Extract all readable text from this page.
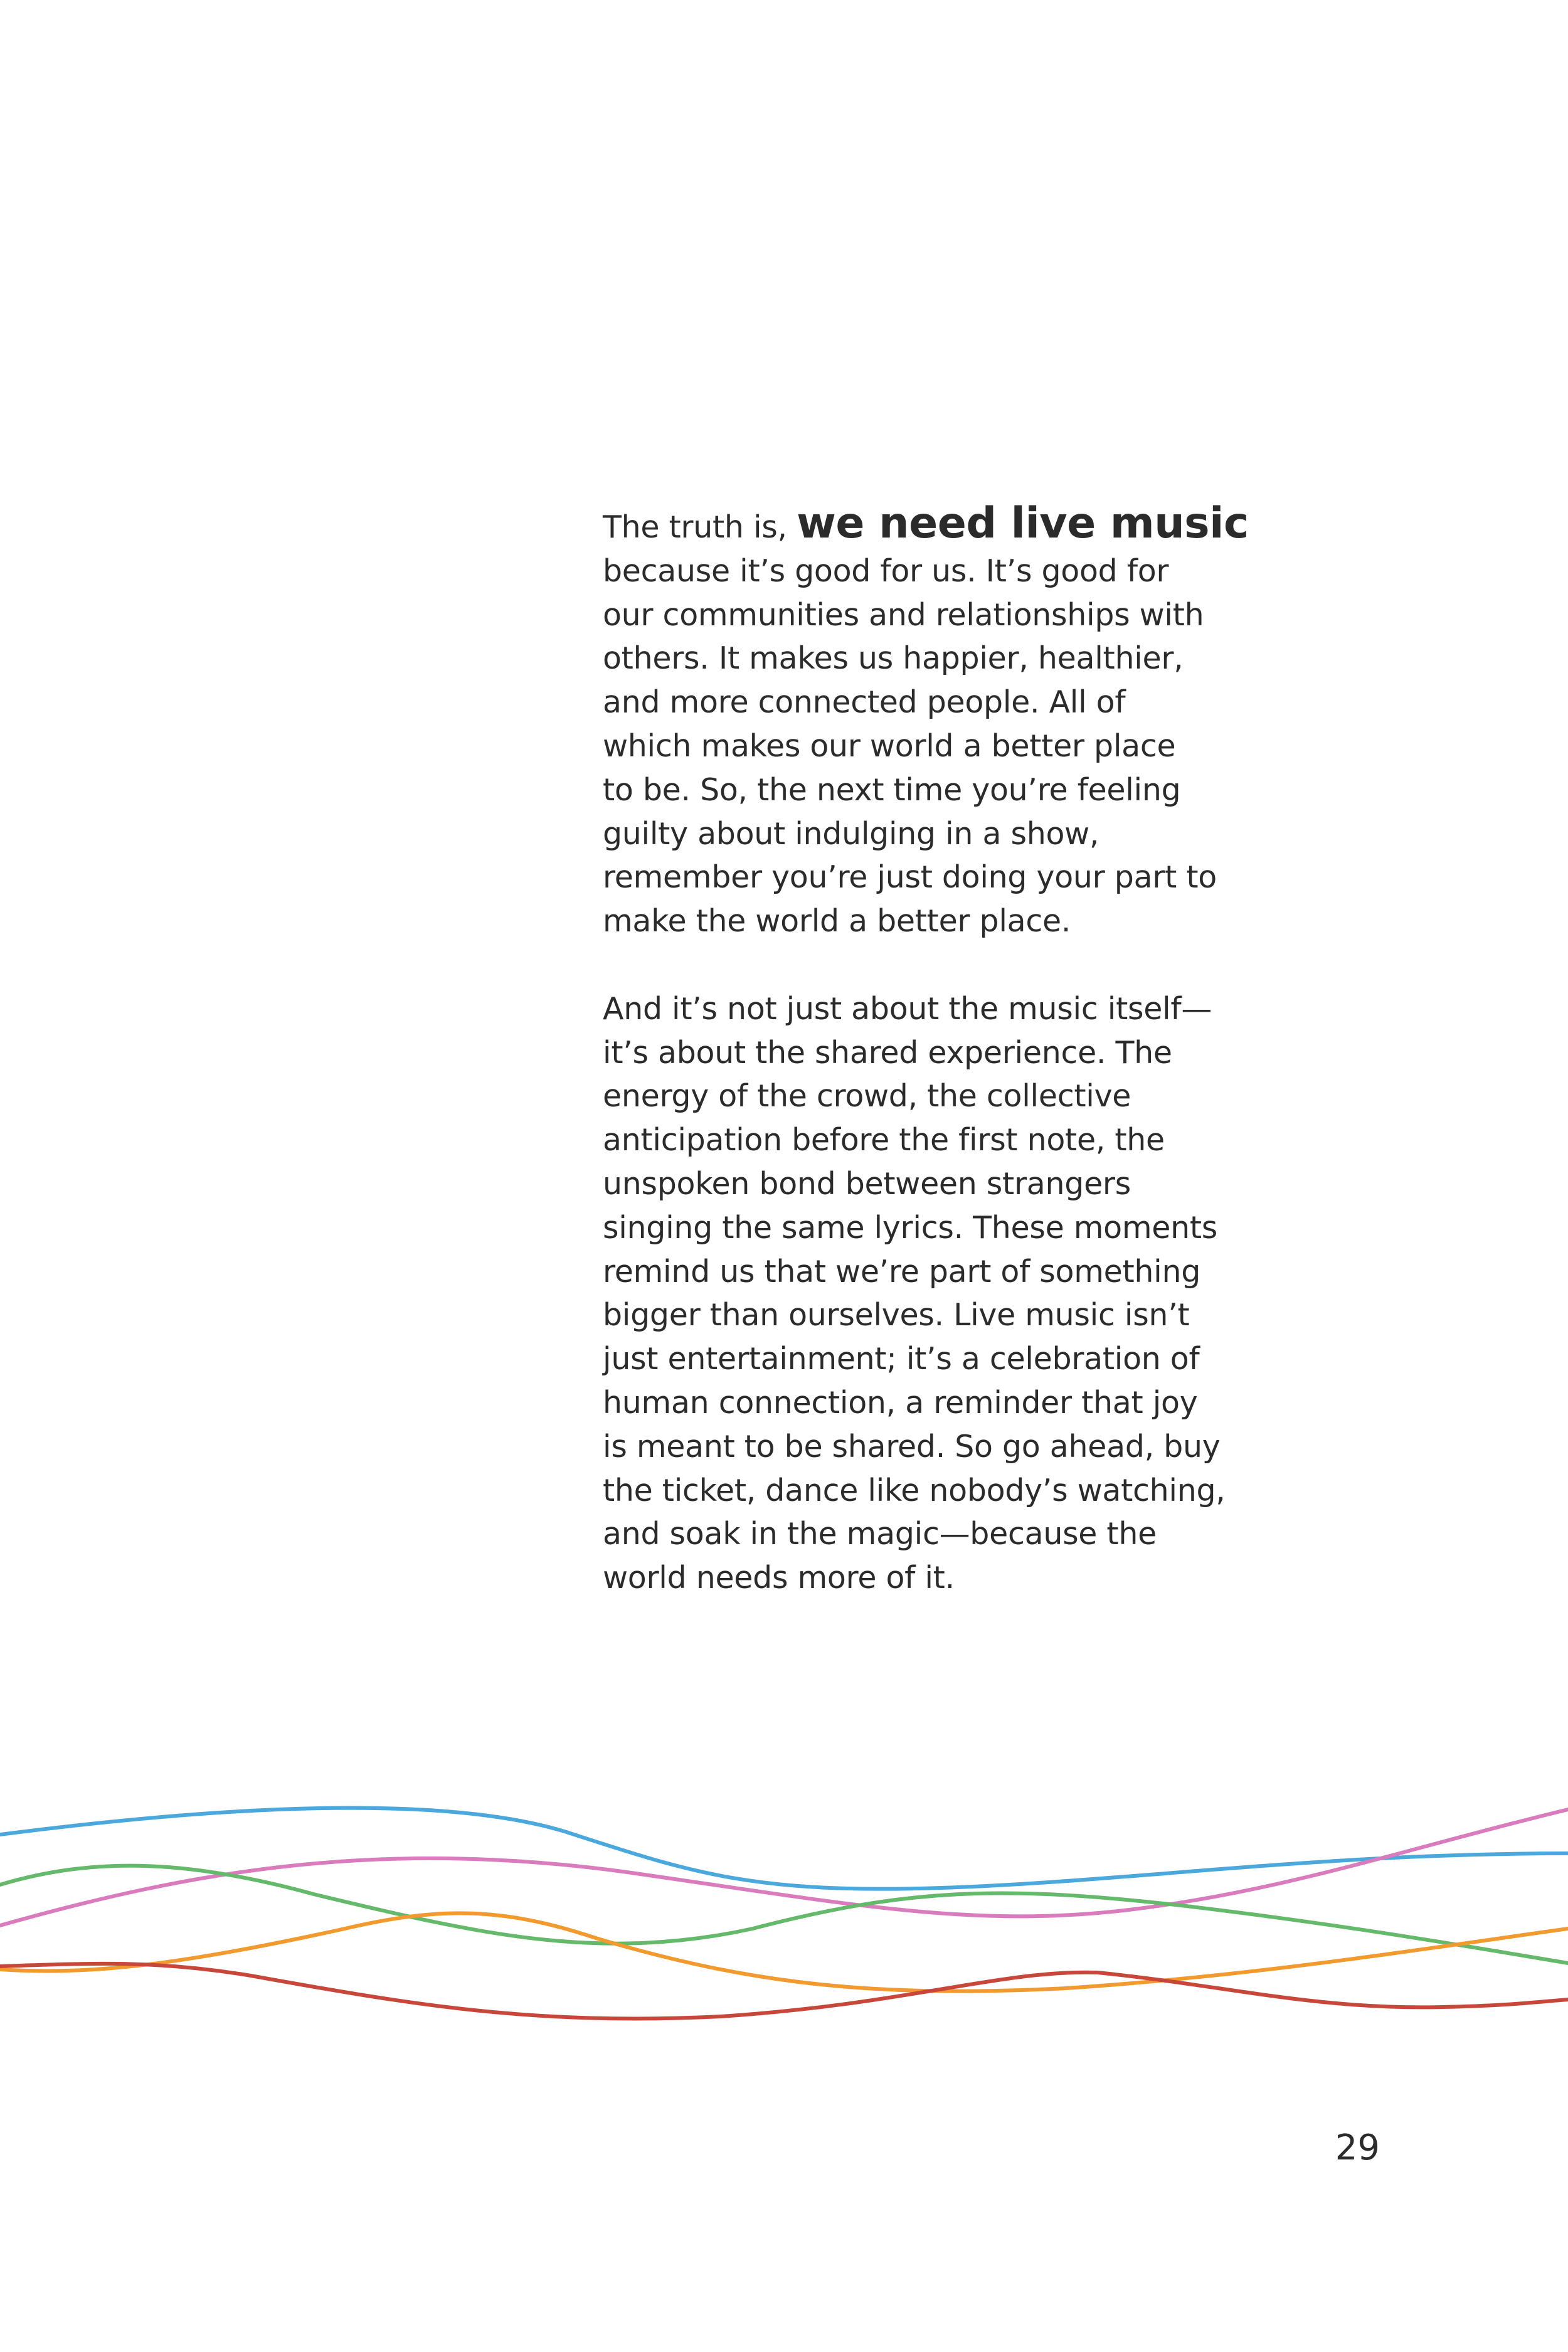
The truth is, we need live music
because it’s good for us. It’s good for
our communities and relationships with
others. It makes us happier, healthier,
and more connected people. All of
which makes our world a better place
to be. So, the next time you’re feeling
guilty about indulging in a show,
remember you’re just doing your part to
make the world a better place.

And it’s not just about the music itself—
it’s about the shared experience. The
energy of the crowd, the collective
anticipation before the first note, the
unspoken bond between strangers
singing the same lyrics. These moments
remind us that we’re part of something
bigger than ourselves. Live music isn’t
just entertainment; it’s a celebration of
human connection, a reminder that joy
is meant to be shared. So go ahead, buy
the ticket, dance like nobody’s watching,
and soak in the magic—because the
world needs more of it.

29
